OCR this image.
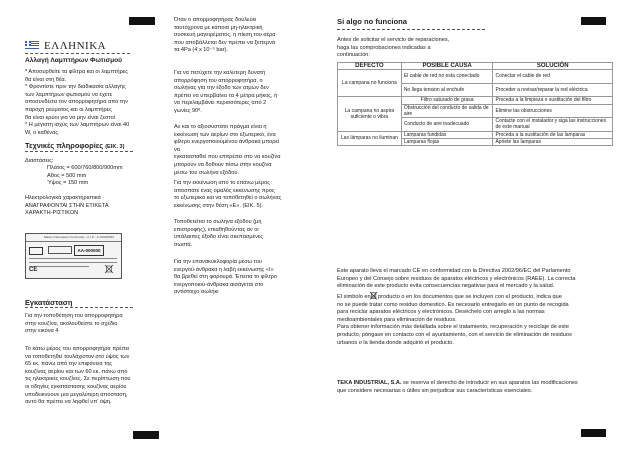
ΕΛΛΗΝΙΚΑ
Αλλαγή Λαμπτήρων Φωτισμού
* Αποσυρθείτε τα φίλτρα και οι λαμπτήρες
θα είναι στη θέα.
* Φροντίστε πριν την διαδικασία αλλαγής
των λαμπτήρων φωτισμού να έχετε
αποσυνδέσει τον απορροφητήρα από την
παροχή ρεύματος και οι λαμπτήρες
θα είναι κρύοι για να μην είναι ζεστοί
* Η μέγιστη ισχύς των λαμπτήρων είναι 40
W, ο καθένας.
Τεχνικές πληροφορίες (ΕΙΚ. 3)
Διαστάσεις:
Πλάτος = 600/760/800/900mm
Αθος = 500 mm
Ύψος = 150 mm
Ηλεκτρολογικά χαρακτηριστικά
ΑΝΑΓΡΑΦΟΝΤΑΙ ΣΤΗΝ ΕΤΙΚΕΤΑ
ΧΑΡΑΚΤΗ-ΡΙΣΤΙΚΩΝ
Made in European Community - C.I.P. - A-1000/0032
AA-000000
CE
Εγκατάσταση
Για την τοποθέτηση του απορροφητήρα
στην κουζίνα, ακολουθείστε το σχέδιο
στην εικόνα 4
Το κάτω μέρος του απορροφητήρα πρέπει
να τοποθετηθεί τουλάχιστον στο ύψος των
65 εκ. πάνω από την επιφάνεια της
κουζίνας αερίου και των 60 εκ. πάνω από
τις ηλεκτρικές κουζίνες. Σε περίπτωση που
οι οδηγίες εγκατάστασης κουζίνας αερίου
υποδεικνύουν μια μεγαλύτερη απόσταση,
αυτό θα πρέπει να ληφθεί υπ' όψη.
Όταν ο απορροφητήρας δουλεύει
ταυτόχρονα με κάποια μη-ηλεκτρική
συσκευή μαγειρέματος, η πίεση του αέρα
που αποβάλλεται δεν πρέπει να ξεπερνά
τα 4Pa (4 x 10⁻⁵ bar).
Για να πετύχετε την καλύτερη δυνατή
απορρόφηση του απορροφητήρα, ο
σωλήνας για την έξοδο των ατμών δεν
πρέπει να υπερβαίνει τα 4 μέτρα μήκος, ή
να περιλαμβάνει περισσότερες από 2
γωνίες 90º.
Αν και το αξιοσύστατο πράγμα είναι η
εκκένωση των αερίων στο εξωτερικό, ένα
φίλτρο ενεργοποιούμένου άνθρακα μπορεί να
εγκατασταθεί που επιτρέπει στο να κουζίνα
μπορούν να δοθούν πίσω στην κουζίνα
μέσω του σωλήνα εξόδου.
Για την εκκένωση από το επάνω μέρος
αποσπάτε ένας ομαλός εκκένωσης προς
το εξωτερικό και να τοποθετηθεί ο σωλήνας
εκκένωσης στην θέση «Ε». (ΕΙΚ. 5).
Τοποθετείται το σωλήνα εξόδου (μη
επιστροφής), επιαθηθούντας αν οι
υπάλαιπες έξοδο είναι σκεπασμένες
σωστά.
Για την επανακυκλοφορία μέσω του
ενεργού-άνθρακα η λαβή εκκένωσης «Ι»
θα βρεθεί στη φορουρά. Έπειτα το φίλτρο
ενεργοποιού-άνθρακα αισάγεται στο
αντίστοιχο σωλήκι
Si algo no funciona
Antes de solicitar el servicio de reparaciones,
haga las comprobaciones indicadas a
continuación:
DEFECTO	POSIBLE CAUSA	SOLUCIÓN
La campana no funciona	El cable de red no esta conectado	Conectar el cable de red
	No llega tension al enchufe	Proceder a revisar/reparar la red eléctrica
La campana no aspira suficiente o vibra	Filtro saturado de grasa	Proceda a la limpieza o sustitución del filtro
	Obstrucción del conducto de salida de aire	Elimine las obstrucciones
	Conducto de aire inadecuado	Contacte con el instalador y siga las instrucciones de este manual
Las lámparas no iluminan	Lamparas fundidas	Proceda a la sustitución de las lamparas
	Lamparas flojas	Apriete las lamparas
Este aparato lleva el marcado CE en conformidad con la Directiva 2002/96/EC del Parlamento
Europeo y del Consejo sobre residuos de aparatos eléctricos y electrónicos (RAEE). La correcta
eliminación de este producto evita consecuencias negativas para el mercado y la salud.
El simbolo en el producto o en los documentos que se incluyen con el producto, indica que
no se puede tratar como residuo domestico. Es necesario entregarlo en un punto de recogida
para reciclar aparatos eléctricos y electrónicos. Deséchelo con arreglo a las normas
medioambientales para eliminación de residuos.
Para obtener información más detallada sobre el tratamiento, recuperación y reciclaje de este
producto, póngase en contacto con el ayuntamiento, con el servicio de eliminación de residuos
urbanos o la tienda donde adquirió el producto.
TEKA INDUSTRIAL, S.A. se reserva el derecho de introducir en sus aparatos las modificaciones
que considere necesarias o útiles sin perjudicar sus características esenciales.
